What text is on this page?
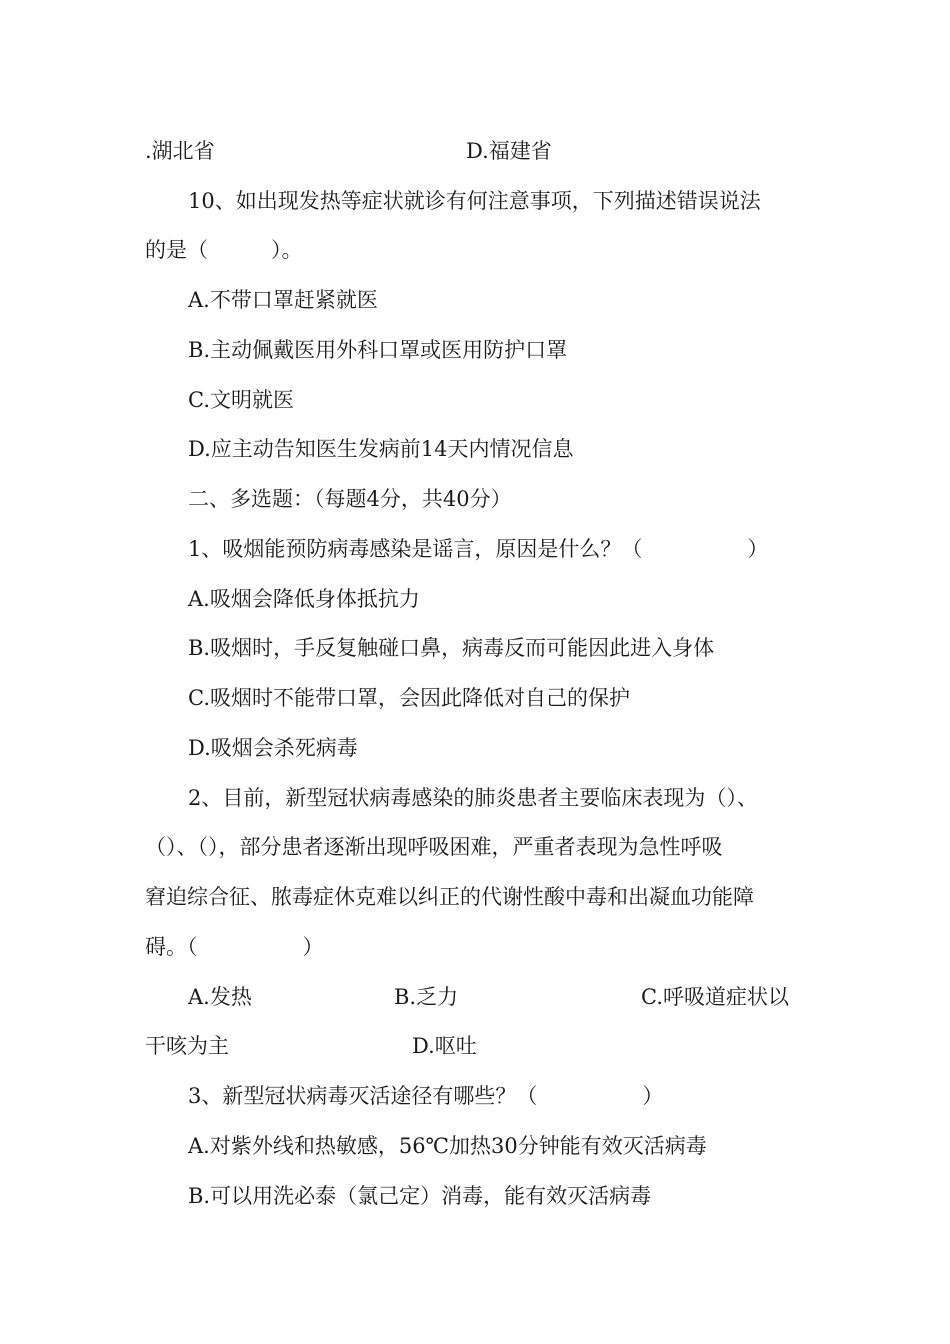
.湖北省	D.福建省
10、如出现发热等症状就诊有何注意事项，下列描述错误说法
的是（　　　）。
A.不带口罩赶紧就医
B.主动佩戴医用外科口罩或医用防护口罩
C.文明就医
D.应主动告知医生发病前14天内情况信息
二、多选题：（每题4分，共40分）
1、吸烟能预防病毒感染是谣言，原因是什么？（　　　　　）
A.吸烟会降低身体抵抗力
B.吸烟时，手反复触碰口鼻，病毒反而可能因此进入身体
C.吸烟时不能带口罩，会因此降低对自己的保护
D.吸烟会杀死病毒
2、目前，新型冠状病毒感染的肺炎患者主要临床表现为（）、
（）、（），部分患者逐渐出现呼吸困难，严重者表现为急性呼吸
窘迫综合征、脓毒症休克难以纠正的代谢性酸中毒和出凝血功能障
碍。（　　　　　）
A.发热	B.乏力	C.呼吸道症状以
干咳为主	D.呕吐
3、新型冠状病毒灭活途径有哪些？（　　　　　）
A.对紫外线和热敏感，56℃加热30分钟能有效灭活病毒
B.可以用洗必泰（氯己定）消毒，能有效灭活病毒
